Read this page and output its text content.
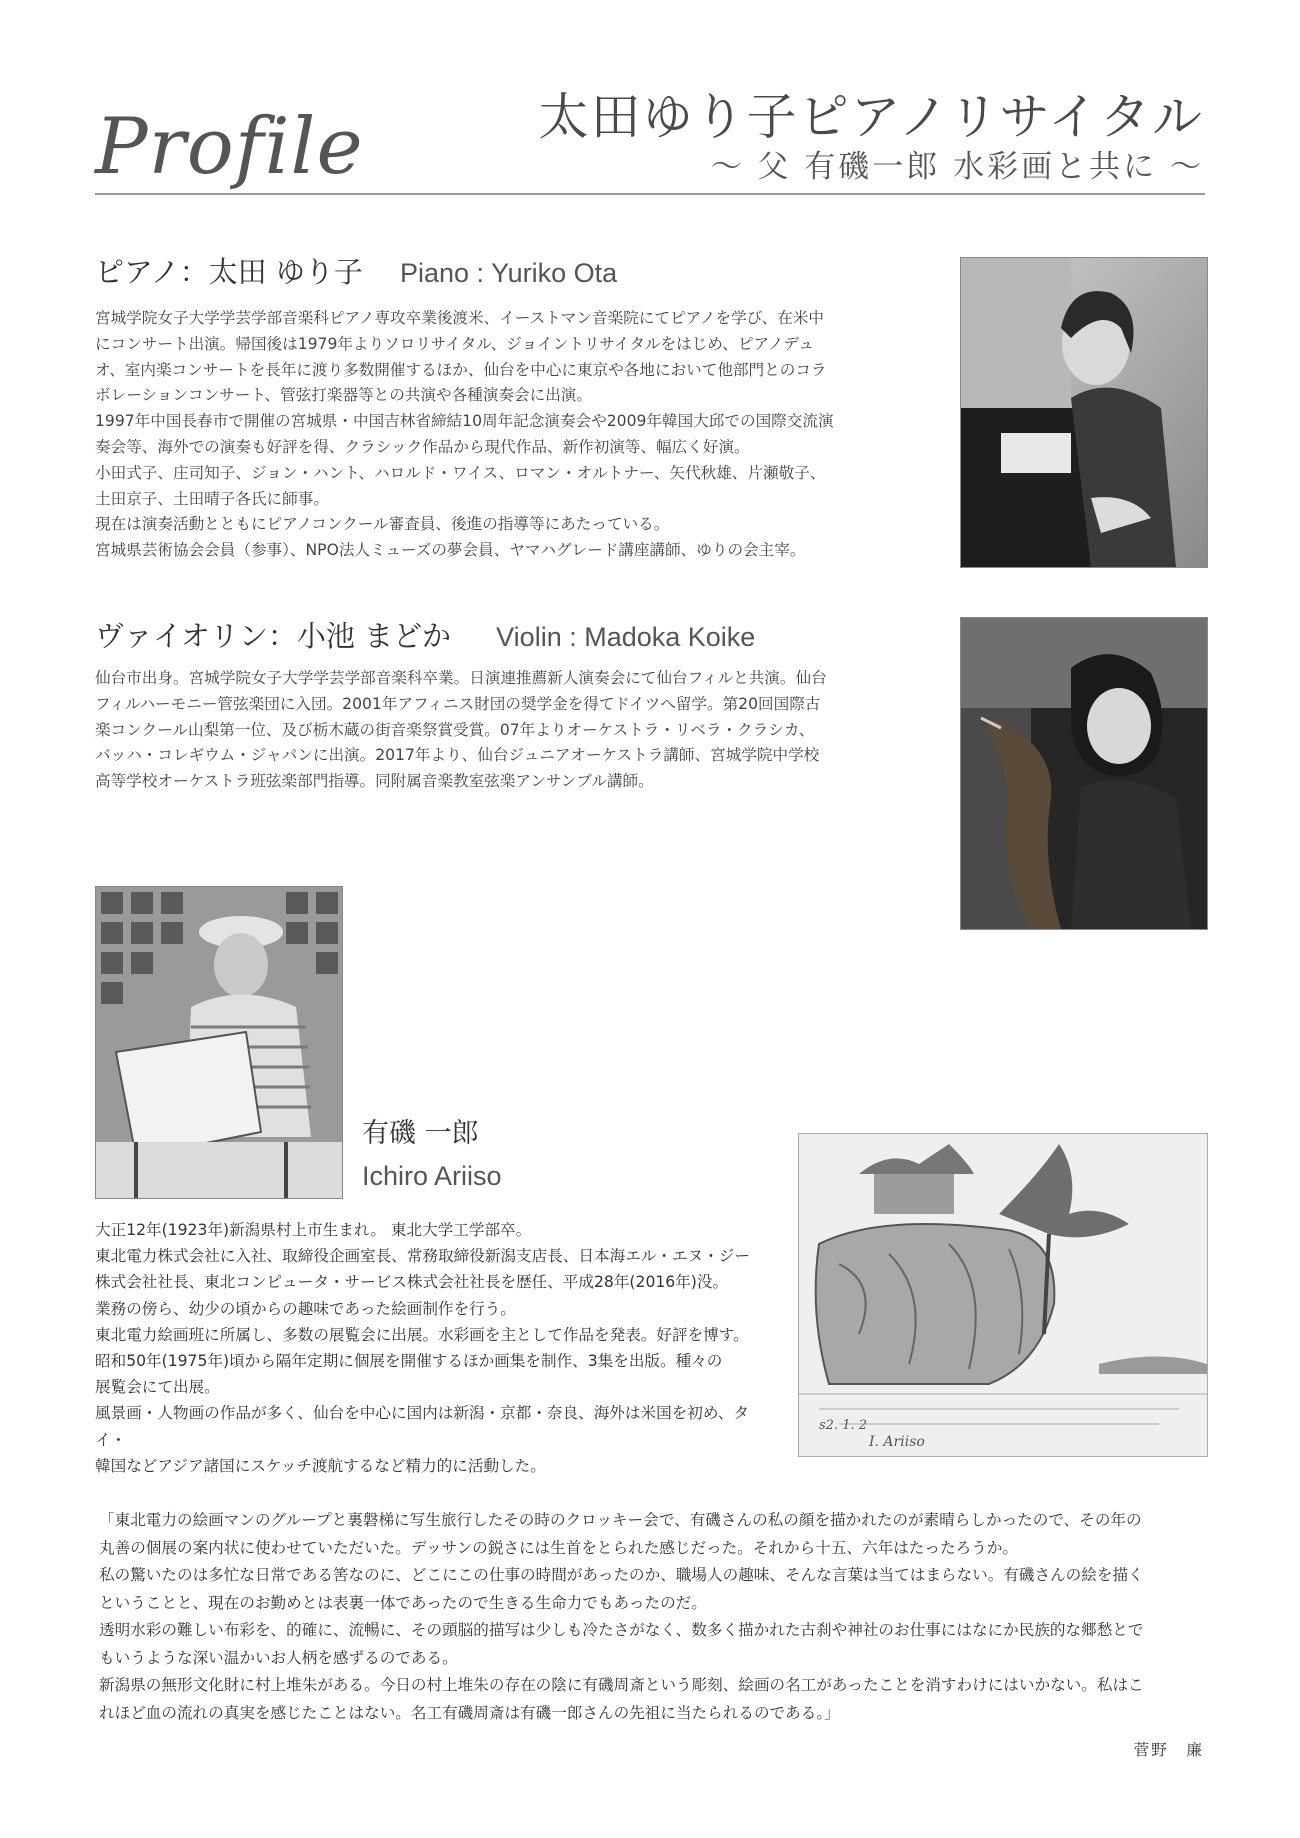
Profile	太田ゆり子ピアノリサイタル
〜 父 有磯一郎 水彩画と共に 〜
ピアノ：太田 ゆり子 Piano : Yuriko Ota

宮城学院女子大学学芸学部音楽科ピアノ専攻卒業後渡米、イーストマン音楽院にてピアノを学び、在米中

にコンサート出演。帰国後は1979年よりソロリサイタル、ジョイントリサイタルをはじめ、ピアノデュ

オ、室内楽コンサートを長年に渡り多数開催するほか、仙台を中心に東京や各地において他部門とのコラ

ボレーションコンサート、管弦打楽器等との共演や各種演奏会に出演。

1997年中国長春市で開催の宮城県・中国吉林省締結10周年記念演奏会や2009年韓国大邱での国際交流演

奏会等、海外での演奏も好評を得、クラシック作品から現代作品、新作初演等、幅広く好演。

小田式子、庄司知子、ジョン・ハント、ハロルド・ワイス、ロマン・オルトナー、矢代秋雄、片瀬敬子、

土田京子、土田晴子各氏に師事。

現在は演奏活動とともにピアノコンクール審査員、後進の指導等にあたっている。

宮城県芸術協会会員（参事）、NPO法人ミューズの夢会員、ヤマハグレード講座講師、ゆりの会主宰。

ヴァイオリン：小池 まどか Violin : Madoka Koike

仙台市出身。宮城学院女子大学学芸学部音楽科卒業。日演連推薦新人演奏会にて仙台フィルと共演。仙台

フィルハーモニー管弦楽団に入団。2001年アフィニス財団の奨学金を得てドイツへ留学。第20回国際古

楽コンクール山梨第一位、及び栃木蔵の街音楽祭賞受賞。07年よりオーケストラ・リベラ・クラシカ、

バッハ・コレギウム・ジャパンに出演。2017年より、仙台ジュニアオーケストラ講師、宮城学院中学校

高等学校オーケストラ班弦楽部門指導。同附属音楽教室弦楽アンサンブル講師。

有磯 一郎
Ichiro Ariiso
s2. 1. 2
I. Ariiso

大正12年(1923年)新潟県村上市生まれ。 東北大学工学部卒。

東北電力株式会社に入社、取締役企画室長、常務取締役新潟支店長、日本海エル・エヌ・ジー

株式会社社長、東北コンピュータ・サービス株式会社社長を歴任、平成28年(2016年)没。

業務の傍ら、幼少の頃からの趣味であった絵画制作を行う。

東北電力絵画班に所属し、多数の展覧会に出展。水彩画を主として作品を発表。好評を博す。

昭和50年(1975年)頃から隔年定期に個展を開催するほか画集を制作、3集を出版。種々の

展覧会にて出展。

風景画・人物画の作品が多く、仙台を中心に国内は新潟・京都・奈良、海外は米国を初め、タイ・

韓国などアジア諸国にスケッチ渡航するなど精力的に活動した。

「東北電力の絵画マンのグループと裏磐梯に写生旅行したその時のクロッキー会で、有磯さんの私の顔を描かれたのが素晴らしかったので、その年の

丸善の個展の案内状に使わせていただいた。デッサンの鋭さには生首をとられた感じだった。それから十五、六年はたったろうか。

私の驚いたのは多忙な日常である筈なのに、どこにこの仕事の時間があったのか、職場人の趣味、そんな言葉は当てはまらない。有磯さんの絵を描く

ということと、現在のお勤めとは表裏一体であったので生きる生命力でもあったのだ。

透明水彩の難しい布彩を、的確に、流暢に、その頭脳的描写は少しも冷たさがなく、数多く描かれた古刹や神社のお仕事にはなにか民族的な郷愁とで

もいうような深い温かいお人柄を感ずるのである。

新潟県の無形文化財に村上堆朱がある。今日の村上堆朱の存在の陰に有磯周斎という彫刻、絵画の名工があったことを消すわけにはいかない。私はこ

れほど血の流れの真実を感じたことはない。名工有磯周斎は有磯一郎さんの先祖に当たられるのである。」

菅野　廉
